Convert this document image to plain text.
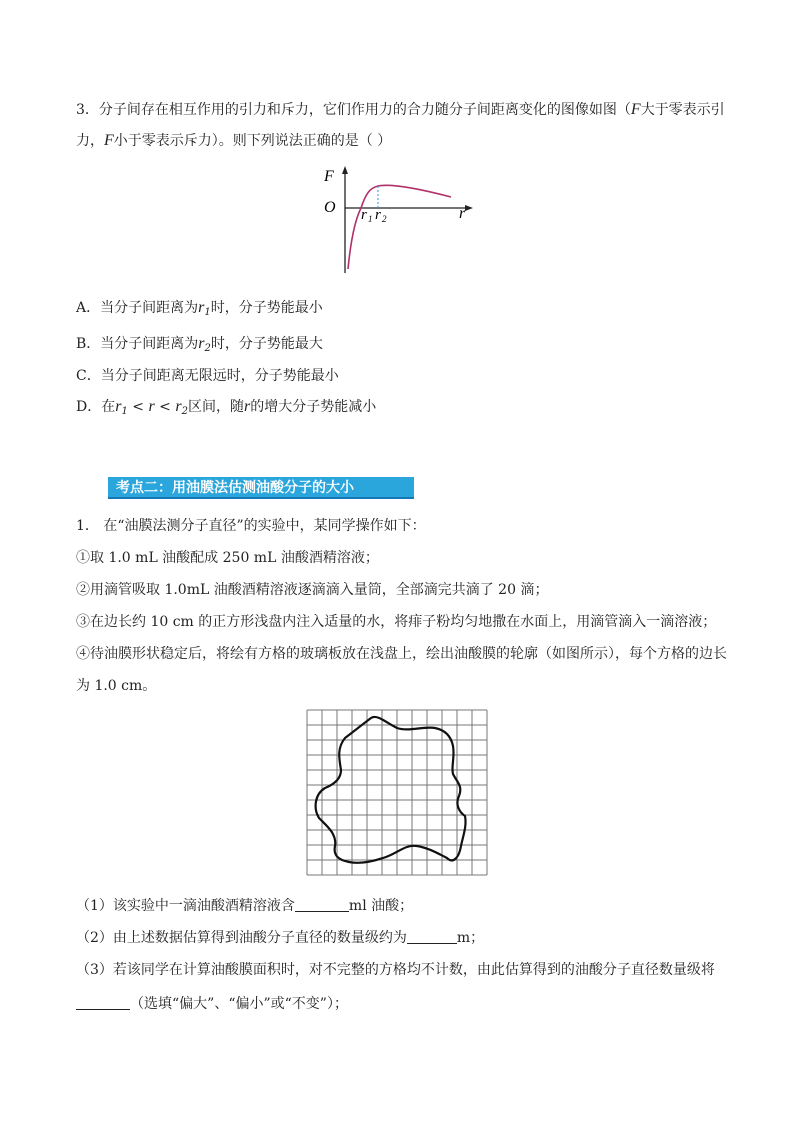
3．分子间存在相互作用的引力和斥力，它们作用力的合力随分子间距离变化的图像如图（F大于零表示引
力，F小于零表示斥力）。则下列说法正确的是（ ）
F
O	r
r 1 r 2
A．当分子间距离为$r_1$时，分子势能最小
B．当分子间距离为$r_2$时，分子势能最大
C．当分子间距离无限远时，分子势能最小
D．在$r_1 < r < r_2$区间，随r的增大分子势能减小
考点二：用油膜法估测油酸分子的大小
1． 在“油膜法测分子直径”的实验中，某同学操作如下：
①取 1.0 mL 油酸配成 250 mL 油酸酒精溶液；
②用滴管吸取 1.0mL 油酸酒精溶液逐滴滴入量筒，全部滴完共滴了 20 滴；
③在边长约 10 cm 的正方形浅盘内注入适量的水，将痱子粉均匀地撒在水面上，用滴管滴入一滴溶液；
④待油膜形状稳定后，将绘有方格的玻璃板放在浅盘上，绘出油酸膜的轮廓（如图所示），每个方格的边长
为 1.0 cm。
（1）该实验中一滴油酸酒精溶液含	ml 油酸；
（2）由上述数据估算得到油酸分子直径的数量级约为	m；
（3）若该同学在计算油酸膜面积时，对不完整的方格均不计数，由此估算得到的油酸分子直径数量级将
（选填“偏大”、“偏小”或“不变”）；
